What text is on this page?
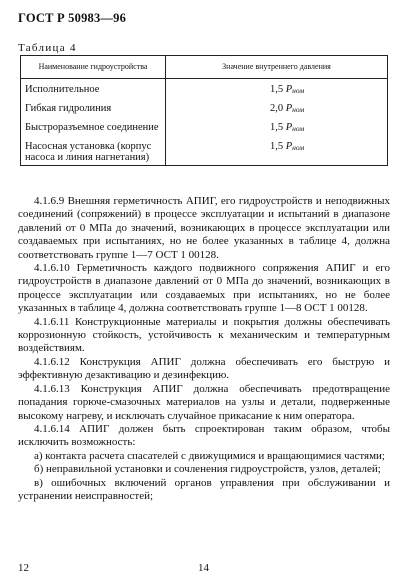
ГОСТ Р 50983—96
Таблица 4
Наименование гидроустройства	Значение внутреннего давления
Исполнительное	1,5 Pном
Гибкая гидролиния	2,0 Pном
Быстроразъемное соединение	1,5 Pном
Насосная установка (корпус насоса и линия нагнетания)	1,5 Pном

4.1.6.9 Внешняя герметичность АПИГ, его гидроустройств и неподвижных соединений (сопряжений) в процессе эксплуатации и испытаний в диапазоне давлений от 0 МПа до значений, возникающих в процессе эксплуатации или создаваемых при испытаниях, но не более указанных в таблице 4, должна соответствовать группе 1—7 ОСТ 1 00128.

4.1.6.10 Герметичность каждого подвижного сопряжения АПИГ и его гидроустройств в диапазоне давлений от 0 МПа до значений, возникающих в процессе эксплуатации или создаваемых при испытаниях, но не более указанных в таблице 4, должна соответствовать группе 1—8 ОСТ 1 00128.

4.1.6.11 Конструкционные материалы и покрытия должны обеспечивать коррозионную стойкость, устойчивость к механическим и температурным воздействиям.

4.1.6.12 Конструкция АПИГ должна обеспечивать его быструю и эффективную дезактивацию и дезинфекцию.

4.1.6.13 Конструкция АПИГ должна обеспечивать предотвращение попадания горюче-смазочных материалов на узлы и детали, подверженные высокому нагреву, и исключать случайное прикасание к ним оператора.

4.1.6.14 АПИГ должен быть спроектирован таким образом, чтобы исключить возможность:

а) контакта расчета спасателей с движущимися и вращающимися частями;

б) неправильной установки и сочленения гидроустройств, узлов, деталей;

в) ошибочных включений органов управления при обслуживании и устранении неисправностей;

12	14
